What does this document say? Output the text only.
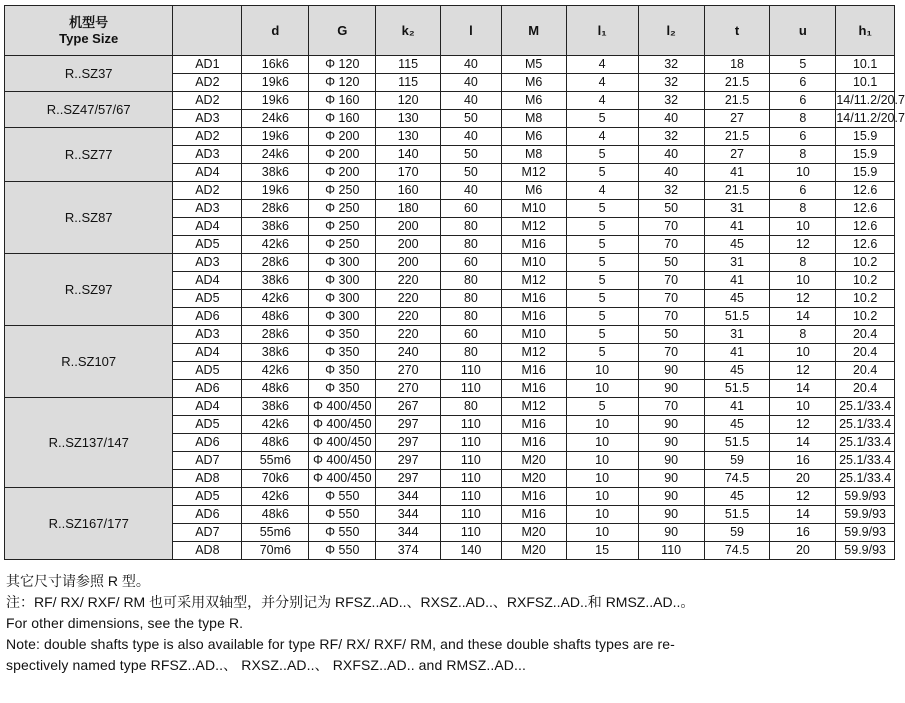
机型号
Type Size		d	G	k₂	l	M	l₁	l₂	t	u	h₁
R..SZ37	AD1	16k6	Φ 120	115	40	M5	4	32	18	5	10.1
	AD2	19k6	Φ 120	115	40	M6	4	32	21.5	6	10.1
R..SZ47/57/67	AD2	19k6	Φ 160	120	40	M6	4	32	21.5	6	14/11.2/20.7
	AD3	24k6	Φ 160	130	50	M8	5	40	27	8	14/11.2/20.7
R..SZ77	AD2	19k6	Φ 200	130	40	M6	4	32	21.5	6	15.9
	AD3	24k6	Φ 200	140	50	M8	5	40	27	8	15.9
	AD4	38k6	Φ 200	170	50	M12	5	40	41	10	15.9
R..SZ87	AD2	19k6	Φ 250	160	40	M6	4	32	21.5	6	12.6
	AD3	28k6	Φ 250	180	60	M10	5	50	31	8	12.6
	AD4	38k6	Φ 250	200	80	M12	5	70	41	10	12.6
	AD5	42k6	Φ 250	200	80	M16	5	70	45	12	12.6
R..SZ97	AD3	28k6	Φ 300	200	60	M10	5	50	31	8	10.2
	AD4	38k6	Φ 300	220	80	M12	5	70	41	10	10.2
	AD5	42k6	Φ 300	220	80	M16	5	70	45	12	10.2
	AD6	48k6	Φ 300	220	80	M16	5	70	51.5	14	10.2
R..SZ107	AD3	28k6	Φ 350	220	60	M10	5	50	31	8	20.4
	AD4	38k6	Φ 350	240	80	M12	5	70	41	10	20.4
	AD5	42k6	Φ 350	270	110	M16	10	90	45	12	20.4
	AD6	48k6	Φ 350	270	110	M16	10	90	51.5	14	20.4
R..SZ137/147	AD4	38k6	Φ 400/450	267	80	M12	5	70	41	10	25.1/33.4
	AD5	42k6	Φ 400/450	297	110	M16	10	90	45	12	25.1/33.4
	AD6	48k6	Φ 400/450	297	110	M16	10	90	51.5	14	25.1/33.4
	AD7	55m6	Φ 400/450	297	110	M20	10	90	59	16	25.1/33.4
	AD8	70k6	Φ 400/450	297	110	M20	10	90	74.5	20	25.1/33.4
R..SZ167/177	AD5	42k6	Φ 550	344	110	M16	10	90	45	12	59.9/93
	AD6	48k6	Φ 550	344	110	M16	10	90	51.5	14	59.9/93
	AD7	55m6	Φ 550	344	110	M20	10	90	59	16	59.9/93
	AD8	70m6	Φ 550	374	140	M20	15	110	74.5	20	59.9/93
其它尺寸请参照 R 型。
注：RF/ RX/ RXF/ RM 也可采用双轴型，并分别记为 RFSZ..AD..、RXSZ..AD..、RXFSZ..AD..和 RMSZ..AD..。
For other dimensions, see the type R.
Note: double shafts type is also available for type RF/ RX/ RXF/ RM, and these double shafts types are re-
spectively named type RFSZ..AD..、 RXSZ..AD..、 RXFSZ..AD.. and RMSZ..AD...
